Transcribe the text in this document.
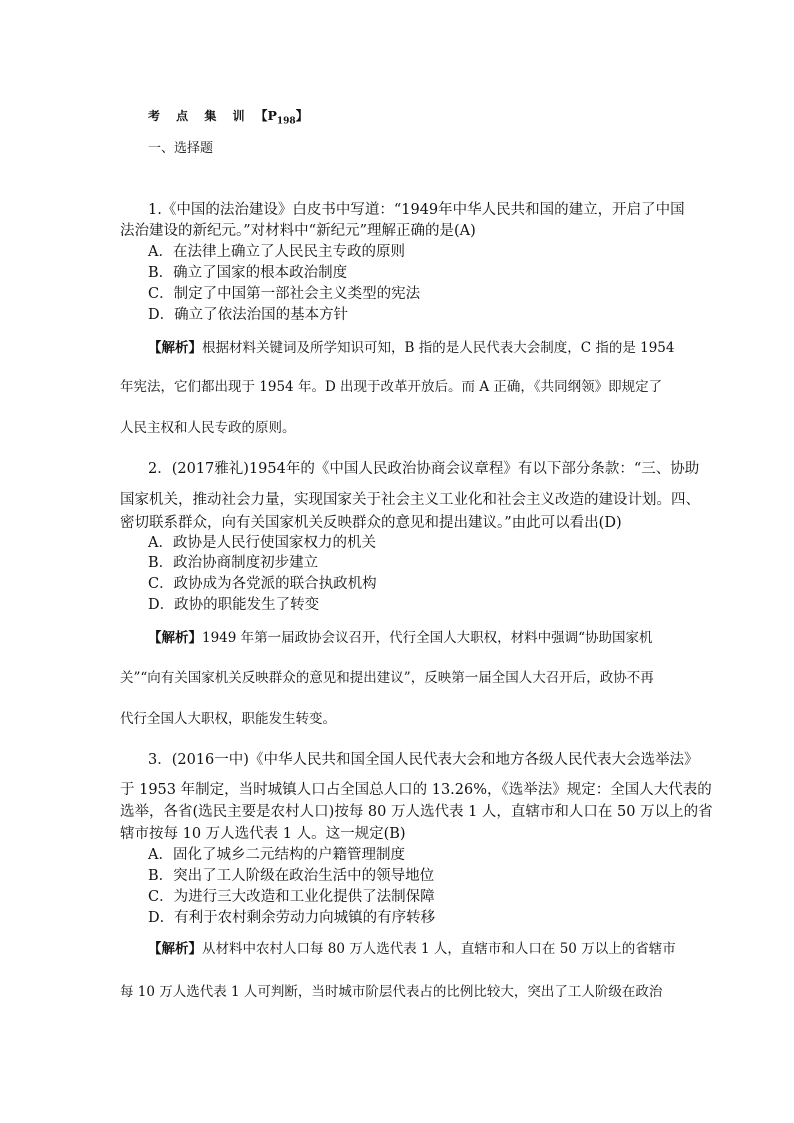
考 点 集 训 【$P_{198}$】
一、选择题
1.《中国的法治建设》白皮书中写道：“1949年中华人民共和国的建立，开启了中国
法治建设的新纪元。”对材料中“新纪元”理解正确的是(A)
A．在法律上确立了人民民主专政的原则
B．确立了国家的根本政治制度
C．制定了中国第一部社会主义类型的宪法
D．确立了依法治国的基本方针
【解析】根据材料关键词及所学知识可知，B 指的是人民代表大会制度，C 指的是 1954
年宪法，它们都出现于 1954 年。D 出现于改革开放后。而 A 正确，《共同纲领》即规定了
人民主权和人民专政的原则。
2．(2017雅礼)1954年的《中国人民政治协商会议章程》有以下部分条款：“三、协助
国家机关，推动社会力量，实现国家关于社会主义工业化和社会主义改造的建设计划。四、
密切联系群众，向有关国家机关反映群众的意见和提出建议。”由此可以看出(D)
A．政协是人民行使国家权力的机关
B．政治协商制度初步建立
C．政协成为各党派的联合执政机构
D．政协的职能发生了转变
【解析】1949 年第一届政协会议召开，代行全国人大职权，材料中强调“协助国家机
关”“向有关国家机关反映群众的意见和提出建议”，反映第一届全国人大召开后，政协不再
代行全国人大职权，职能发生转变。
3．(2016一中)《中华人民共和国全国人民代表大会和地方各级人民代表大会选举法》
于 1953 年制定，当时城镇人口占全国总人口的 13.26%，《选举法》规定：全国人大代表的
选举，各省(选民主要是农村人口)按每 80 万人选代表 1 人，直辖市和人口在 50 万以上的省
辖市按每 10 万人选代表 1 人。这一规定(B)
A．固化了城乡二元结构的户籍管理制度
B．突出了工人阶级在政治生活中的领导地位
C．为进行三大改造和工业化提供了法制保障
D．有利于农村剩余劳动力向城镇的有序转移
【解析】从材料中农村人口每 80 万人选代表 1 人，直辖市和人口在 50 万以上的省辖市
每 10 万人选代表 1 人可判断，当时城市阶层代表占的比例比较大，突出了工人阶级在政治
